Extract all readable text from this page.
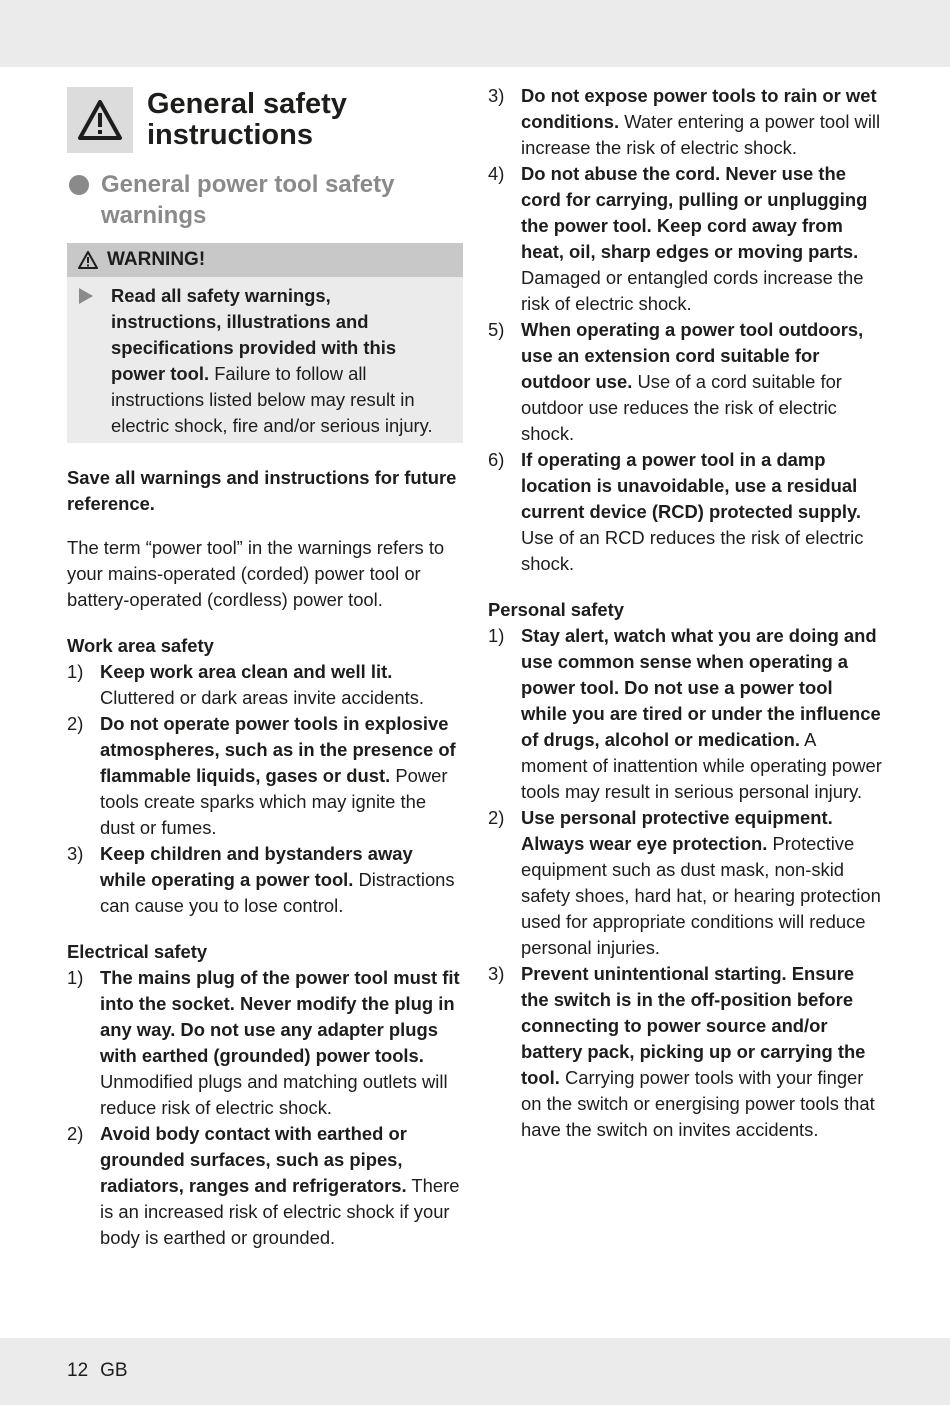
General safety instructions
General power tool safety warnings
WARNING!

Read all safety warnings, instructions, illustrations and specifications provided with this power tool. Failure to follow all instructions listed below may result in electric shock, fire and/or serious injury.

Save all warnings and instructions for future reference.

The term “power tool” in the warnings refers to your mains-operated (corded) power tool or battery-operated (cordless) power tool.

Work area safety

1) Keep work area clean and well lit. Cluttered or dark areas invite accidents.
2) Do not operate power tools in explosive atmospheres, such as in the presence of flammable liquids, gases or dust. Power tools create sparks which may ignite the dust or fumes.
3) Keep children and bystanders away while operating a power tool. Distractions can cause you to lose control.

Electrical safety

1) The mains plug of the power tool must fit into the socket. Never modify the plug in any way. Do not use any adapter plugs with earthed (grounded) power tools. Unmodified plugs and matching outlets will reduce risk of electric shock.
2) Avoid body contact with earthed or grounded surfaces, such as pipes, radiators, ranges and refrigerators. There is an increased risk of electric shock if your body is earthed or grounded.
3) Do not expose power tools to rain or wet conditions. Water entering a power tool will increase the risk of electric shock.
4) Do not abuse the cord. Never use the cord for carrying, pulling or unplugging the power tool. Keep cord away from heat, oil, sharp edges or moving parts. Damaged or entangled cords increase the risk of electric shock.
5) When operating a power tool outdoors, use an extension cord suitable for outdoor use. Use of a cord suitable for outdoor use reduces the risk of electric shock.
6) If operating a power tool in a damp location is unavoidable, use a residual current device (RCD) protected supply. Use of an RCD reduces the risk of electric shock.

Personal safety

1) Stay alert, watch what you are doing and use common sense when operating a power tool. Do not use a power tool while you are tired or under the influence of drugs, alcohol or medication. A moment of inattention while operating power tools may result in serious personal injury.
2) Use personal protective equipment. Always wear eye protection. Protective equipment such as dust mask, non-skid safety shoes, hard hat, or hearing protection used for appropriate conditions will reduce personal injuries.
3) Prevent unintentional starting. Ensure the switch is in the off-position before connecting to power source and/or battery pack, picking up or carrying the tool. Carrying power tools with your finger on the switch or energising power tools that have the switch on invites accidents.
12 GB
